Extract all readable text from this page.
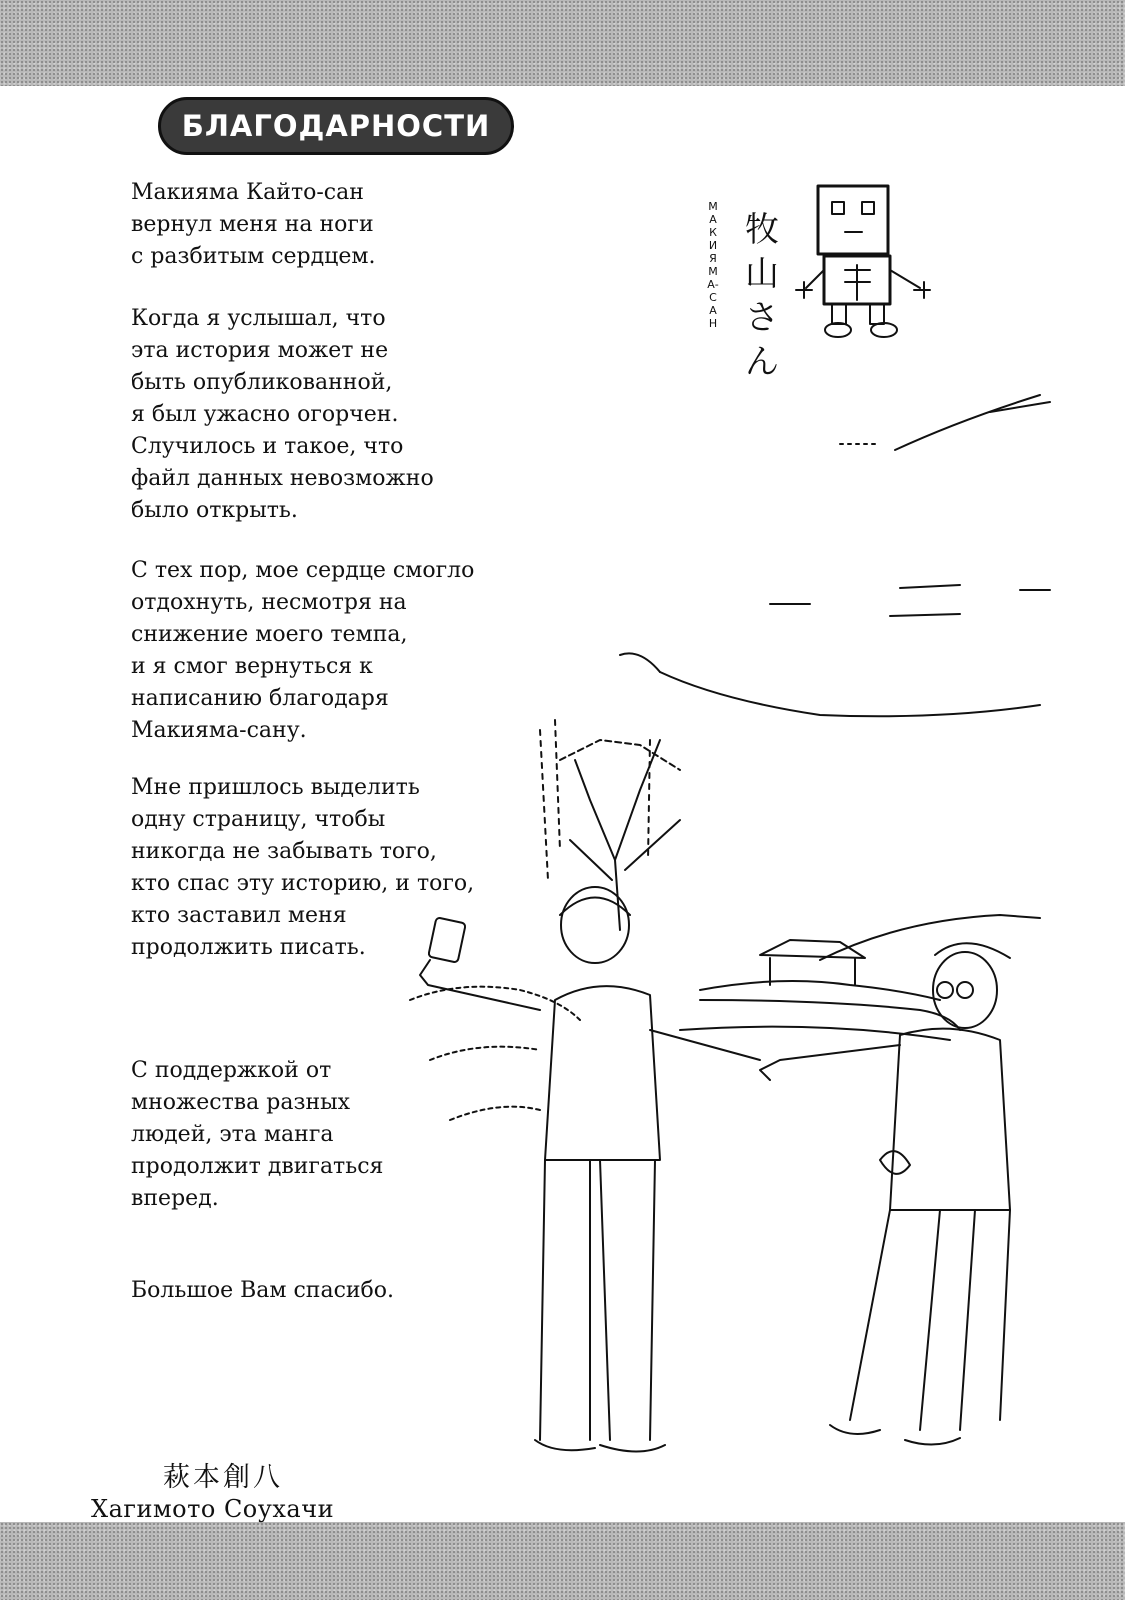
БЛАГОДАРНОСТИ

Макияма Кайто-сан
вернул меня на ноги
с разбитым сердцем.

Когда я услышал, что
эта история может не
быть опубликованной,
я был ужасно огорчен.
Случилось и такое, что
файл данных невозможно
было открыть.

С тех пор, мое сердце смогло
отдохнуть, несмотря на
снижение моего темпа,
и я смог вернуться к
написанию благодаря
Макияма-сану.

Мне пришлось выделить
одну страницу, чтобы
никогда не забывать того,
кто спас эту историю, и того,
кто заставил меня
продолжить писать.

С поддержкой от
множества разных
людей, эта манга
продолжит двигаться
вперед.

Большое Вам спасибо.

萩本創八
Хагимото Соухачи
МАКИЯМА-САН
牧山さん
